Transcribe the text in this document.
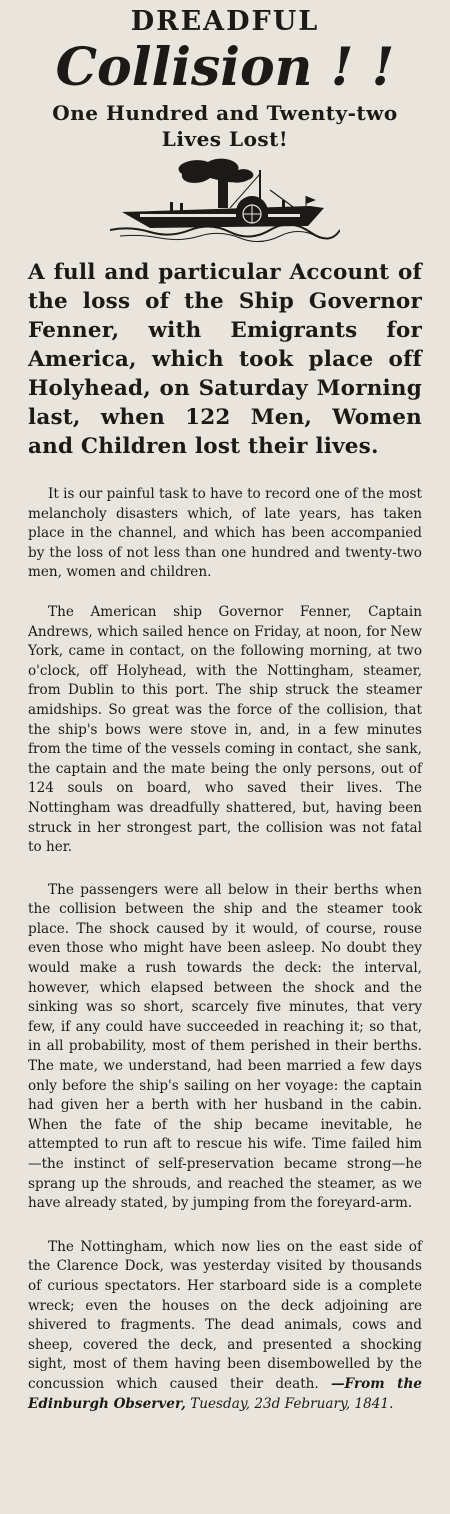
DREADFUL

Collision ! !

One Hundred and Twenty-two

Lives Lost!

A full and particular Account of the loss of the Ship Governor Fenner, with Emigrants for America, which took place off Holyhead, on Saturday Morning last, when 122 Men, Women and Children lost their lives.

It is our painful task to have to record one of the most melancholy disasters which, of late years, has taken place in the channel, and which has been accompanied by the loss of not less than one hundred and twenty-two men, women and children.

The American ship Governor Fenner, Captain Andrews, which sailed hence on Friday, at noon, for New York, came in contact, on the following morning, at two o'clock, off Holyhead, with the Nottingham, steamer, from Dublin to this port. The ship struck the steamer amidships. So great was the force of the collision, that the ship's bows were stove in, and, in a few minutes from the time of the vessels coming in contact, she sank, the captain and the mate being the only persons, out of 124 souls on board, who saved their lives. The Nottingham was dreadfully shattered, but, having been struck in her strongest part, the collision was not fatal to her.

The passengers were all below in their berths when the collision between the ship and the steamer took place. The shock caused by it would, of course, rouse even those who might have been asleep. No doubt they would make a rush towards the deck: the interval, however, which elapsed between the shock and the sinking was so short, scarcely five minutes, that very few, if any could have succeeded in reaching it; so that, in all probability, most of them perished in their berths. The mate, we understand, had been married a few days only before the ship's sailing on her voyage: the captain had given her a berth with her husband in the cabin. When the fate of the ship became inevitable, he attempted to run aft to rescue his wife. Time failed him—the instinct of self-preservation became strong—he sprang up the shrouds, and reached the steamer, as we have already stated, by jumping from the foreyard-arm.

The Nottingham, which now lies on the east side of the Clarence Dock, was yesterday visited by thousands of curious spectators. Her starboard side is a complete wreck; even the houses on the deck adjoining are shivered to fragments. The dead animals, cows and sheep, covered the deck, and presented a shocking sight, most of them having been disembowelled by the concussion which caused their death. —From the Edinburgh Observer, Tuesday, 23d February, 1841.
